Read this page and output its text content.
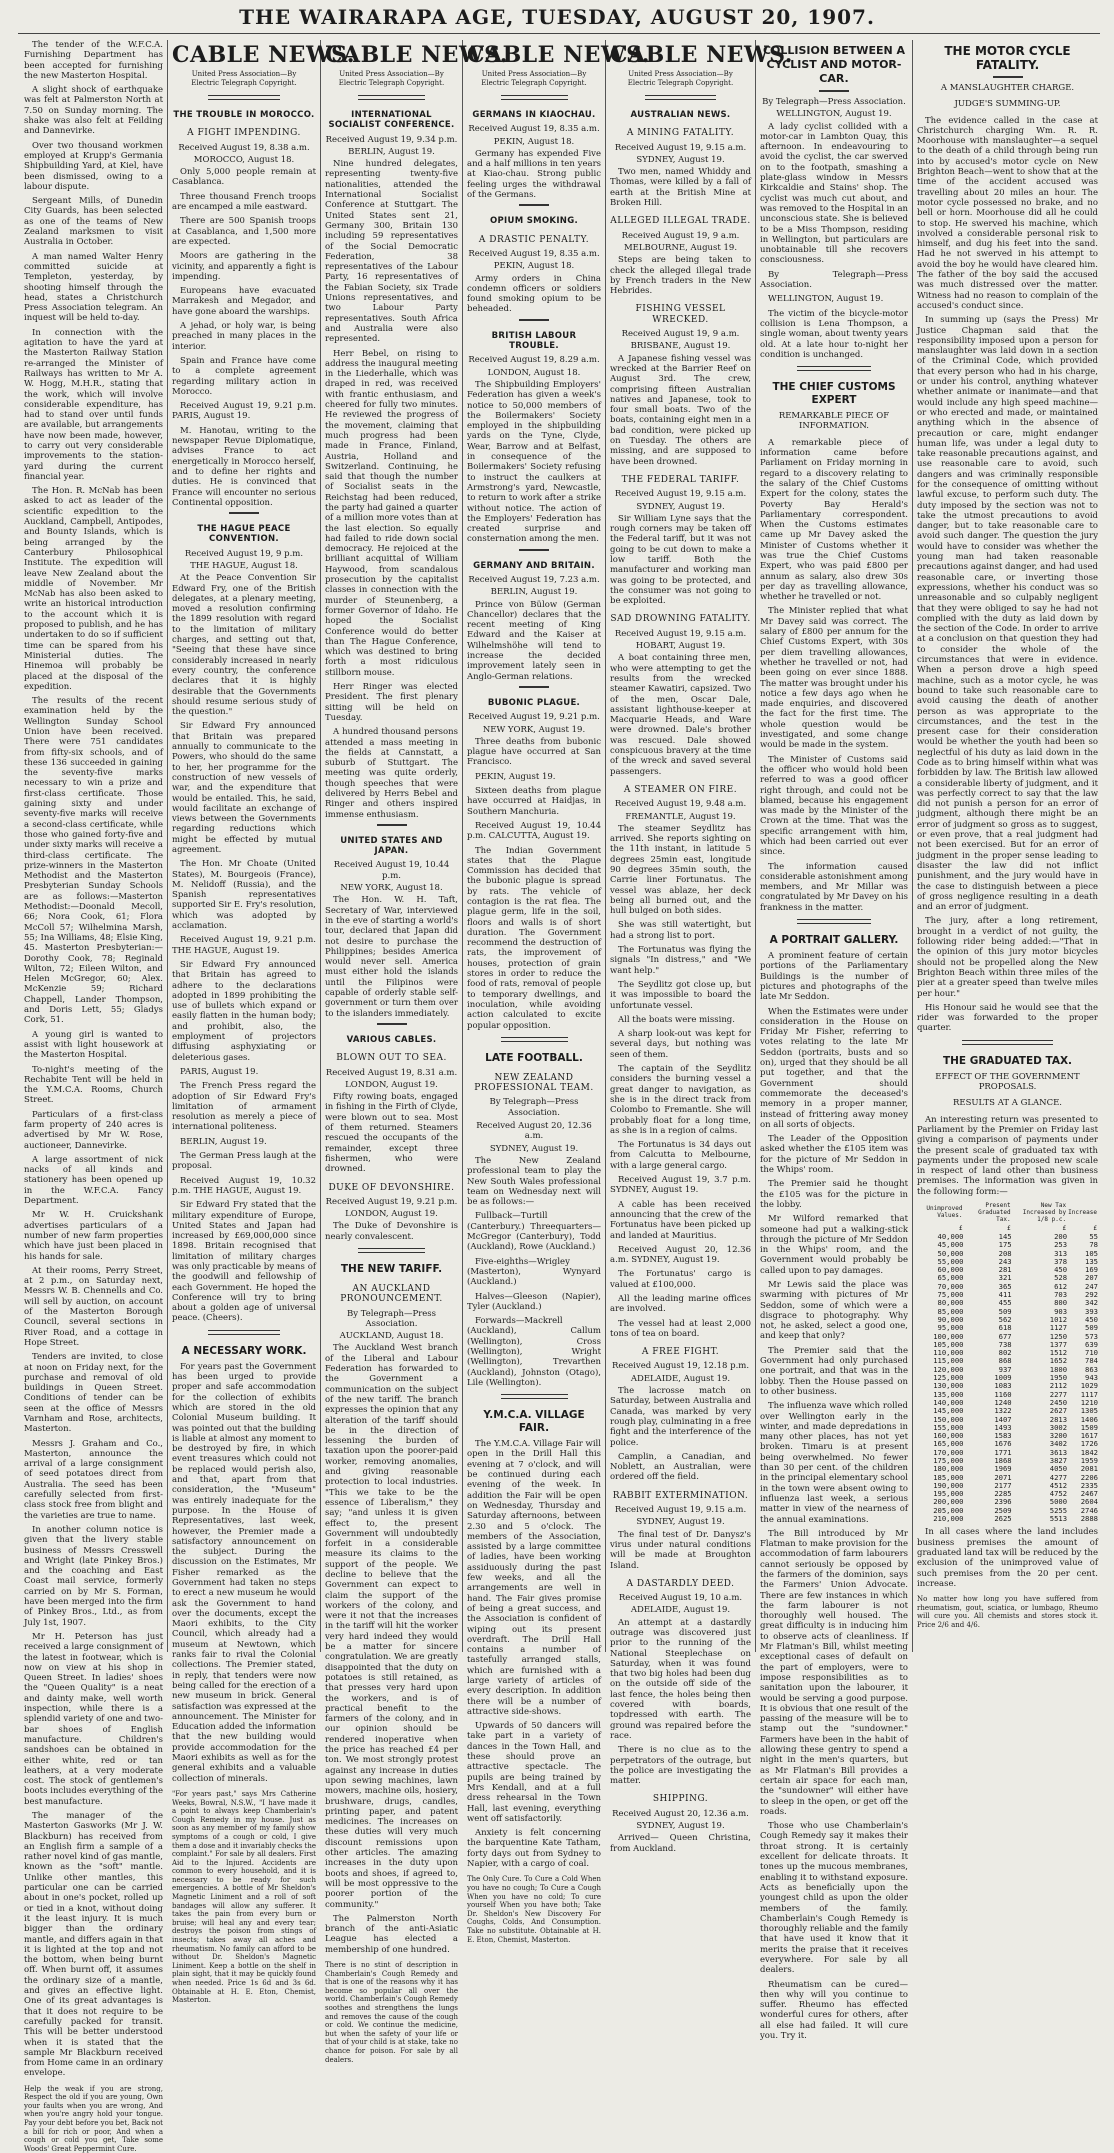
THE WAIRARAPA AGE, TUESDAY, AUGUST 20, 1907.

The tender of the W.F.C.A. Furnishing Department has been accepted for furnishing the new Masterton Hospital.

A slight shock of earthquake was felt at Palmerston North at 7.50 on Sunday morning. The shake was also felt at Feilding and Dannevirke.

Over two thousand workmen employed at Krupp's Germania Shipbuilding Yard, at Kiel, have been dismissed, owing to a labour dispute.

Sergeant Mills, of Dunedin City Guards, has been selected as one of the teams of New Zealand marksmen to visit Australia in October.

A man named Walter Henry committed suicide at Templeton, yesterday, by shooting himself through the head, states a Christchurch Press Association telegram. An inquest will be held to-day.

In connection with the agitation to have the yard at the Masterton Railway Station re-arranged the Minister of Railways has written to Mr A. W. Hogg, M.H.R., stating that the work, which will involve considerable expenditure, has had to stand over until funds are available, but arrangements have now been made, however, to carry out very considerable improvements to the station-yard during the current financial year.

The Hon. R. McNab has been asked to act as leader of the scientific expedition to the Auckland, Campbell, Antipodes, and Bounty Islands, which is being arranged by the Canterbury Philosophical Institute. The expedition will leave New Zealand about the middle of November. Mr McNab has also been asked to write an historical introduction to the account which it is proposed to publish, and he has undertaken to do so if sufficient time can be spared from his Ministerial duties. The Hinemoa will probably be placed at the disposal of the expedition.

The results of the recent examination held by the Wellington Sunday School Union have been received. There were 751 candidates from fifty-six schools, and of these 136 succeeded in gaining the seventy-five marks necessary to win a prize and first-class certificate. Those gaining sixty and under seventy-five marks will receive a second-class certificate, while those who gained forty-five and under sixty marks will receive a third-class certificate. The prize-winners in the Masterton Methodist and the Masterton Presbyterian Sunday Schools are as follows:—Masterton Methodist:—Doonald Mecoll, 66; Nora Cook, 61; Flora McColl 57; Wilhelmina Marsh, 55; Ina Williams, 48; Elsie King, 45. Masterton Presbyterian:—Dorothy Cook, 78; Reginald Wilton, 72; Eileen Wilton, and Helen McGregor, 60; Alex. McKenzie 59; Richard Chappell, Lander Thompson, and Doris Lett, 55; Gladys Cork, 51.

A young girl is wanted to assist with light housework at the Masterton Hospital.

To-night's meeting of the Rechabite Tent will be held in the Y.M.C.A. Rooms, Church Street.

Particulars of a first-class farm property of 240 acres is advertised by Mr W. Rose, auctioneer, Dannevirke.

A large assortment of nick nacks of all kinds and stationery has been opened up in the W.F.C.A. Fancy Department.

Mr W. H. Cruickshank advertises particulars of a number of new farm properties which have just been placed in his hands for sale.

At their rooms, Perry Street, at 2 p.m., on Saturday next, Messrs W. B. Chennells and Co. will sell by auction, on account of the Masterton Borough Council, several sections in River Road, and a cottage in Hope Street.

Tenders are invited, to close at noon on Friday next, for the purchase and removal of old buildings in Queen Street. Conditions of tender can be seen at the office of Messrs Varnham and Rose, architects, Masterton.

Messrs J. Graham and Co., Masterton, announce the arrival of a large consignment of seed potatoes direct from Australia. The seed has been carefully selected from first-class stock free from blight and the varieties are true to name.

In another column notice is given that the livery stable business of Messrs Cresswell and Wright (late Pinkey Bros.) and the coaching and East Coast mail service, formerly carried on by Mr S. Forman, have been merged into the firm of Pinkey Bros., Ltd., as from July 1st, 1907.

Mr H. Peterson has just received a large consignment of the latest in footwear, which is now on view at his shop in Queen Street. In ladies' shoes the "Queen Quality" is a neat and dainty make, well worth inspection, while there is a splendid variety of one and two-bar shoes of English manufacture. Children's sandshoes can be obtained in either white, red or tan leathers, at a very moderate cost. The stock of gentlemen's boots includes everything of the best manufacture.

The manager of the Masterton Gasworks (Mr J. W. Blackburn) has received from an English firm a sample of a rather novel kind of gas mantle, known as the "soft" mantle. Unlike other mantles, this particular one can be carried about in one's pocket, rolled up or tied in a knot, without doing it the least injury. It is much bigger than the ordinary mantle, and differs again in that it is lighted at the top and not the bottom, when being burnt off. When burnt off, it assumes the ordinary size of a mantle, and gives an effective light. One of its great advantages is that it does not require to be carefully packed for transit. This will be better understood when it is stated that the sample Mr Blackburn received from Home came in an ordinary envelope.

Help the weak if you are strong, Respect the old if you are young, Own your faults when you are wrong, And when you're angry hold your tongue. Pay your debt before you bet, Back not a bill for rich or poor, And when a cough or cold you get, Take some Woods' Great Peppermint Cure.
CABLE NEWS.
United Press Association—By Electric Telegraph Copyright.
THE TROUBLE IN MOROCCO.
A FIGHT IMPENDING.
Received August 19, 8.38 a.m.
MOROCCO, August 18.

Only 5,000 people remain at Casablanca.

Three thousand French troops are encamped a mile eastward.

There are 500 Spanish troops at Casablanca, and 1,500 more are expected.

Moors are gathering in the vicinity, and apparently a fight is impending.

Europeans have evacuated Marrakesh and Megador, and have gone aboard the warships.

A jehad, or holy war, is being preached in many places in the interior.

Spain and France have come to a complete agreement regarding military action in Morocco.

Received August 19, 9.21 p.m. PARIS, August 19.

M. Hanotau, writing to the newspaper Revue Diplomatique, advises France to act energetically in Morocco herself, and to define her rights and duties. He is convinced that France will encounter no serious Continental opposition.

THE HAGUE PEACE CONVENTION.
Received August 19, 9 p.m.
THE HAGUE, August 18.

At the Peace Convention Sir Edward Fry, one of the British delegates, at a plenary meeting, moved a resolution confirming the 1899 resolution with regard to the limitation of military charges, and setting out that, "Seeing that these have since considerably increased in nearly every country, the conference declares that it is highly desirable that the Governments should resume serious study of the question."

Sir Edward Fry announced that Britain was prepared annually to communicate to the Powers, who should do the same to her, her programme for the construction of new vessels of war, and the expenditure that would be entailed. This, he said, would facilitate an exchange of views between the Governments regarding reductions which might be effected by mutual agreement.

The Hon. Mr Choate (United States), M. Bourgeois (France), M. Nelidoff (Russia), and the Spanish representatives supported Sir E. Fry's resolution, which was adopted by acclamation.

Received August 19, 9.21 p.m. THE HAGUE, August 19.

Sir Edward Fry announced that Britain has agreed to adhere to the declarations adopted in 1899 prohibiting the use of bullets which expand or easily flatten in the human body; and prohibit, also, the employment of projectors diffusing asphyxiating or deleterious gases.

PARIS, August 19.

The French Press regard the adoption of Sir Edward Fry's limitation of armament resolution as merely a piece of international politeness.

BERLIN, August 19.

The German Press laugh at the proposal.

Received August 19, 10.32 p.m. THE HAGUE, August 19.

Sir Edward Fry stated that the military expenditure of Europe, United States and Japan had increased by £69,000,000 since 1898. Britain recognised that limitation of military charges was only practicable by means of the goodwill and fellowship of each Government. He hoped the Conference will try to bring about a golden age of universal peace. (Cheers).

A NECESSARY WORK.

For years past the Government has been urged to provide proper and safe accommodation for the collection of exhibits which are stored in the old Colonial Museum building. It was pointed out that the building is liable at almost any moment to be destroyed by fire, in which event treasures which could not be replaced would perish also, and that, apart from that consideration, the "Museum" was entirely inadequate for the purpose. In the House of Representatives, last week, however, the Premier made a satisfactory announcement on the subject. During the discussion on the Estimates, Mr Fisher remarked as the Government had taken no steps to erect a new museum he would ask the Government to hand over the documents, except the Maori exhibits, to the City Council, which already had a museum at Newtown, which ranks fair to rival the Colonial collections. The Premier stated, in reply, that tenders were now being called for the erection of a new museum in brick. General satisfaction was expressed at the announcement. The Minister for Education added the information that the new building would provide accommodation for the Maori exhibits as well as for the general exhibits and a valuable collection of minerals.

"For years past," says Mrs Catherine Weeks, Bowral, N.S.W., "I have made it a point to always keep Chamberlain's Cough Remedy in my house. Just as soon as any member of my family show symptoms of a cough or cold, I give them a dose and it invariably checks the complaint." For sale by all dealers. First Aid to the Injured. Accidents are common to every household, and it is necessary to be ready for such emergencies. A bottle of Mr Sheldon's Magnetic Liniment and a roll of soft bandages will allow any sufferer. It takes the pain from every burn or bruise; will heal any and every tear; destroys the poison from stings of insects; takes away all aches and rheumatism. No family can afford to be without Dr. Sheldon's Magnetic Liniment. Keep a bottle on the shelf in plain sight, that it may be quickly found when needed. Price 1s 6d and 3s 6d. Obtainable at H. E. Eton, Chemist, Masterton.
CABLE NEWS.
United Press Association—By Electric Telegraph Copyright.
INTERNATIONAL SOCIALIST CONFERENCE.
Received August 19, 9.34 p.m.
BERLIN, August 19.

Nine hundred delegates, representing twenty-five nationalities, attended the International Socialist Conference at Stuttgart. The United States sent 21, Germany 300, Britain 130 including 59 representatives of the Social Democratic Federation, 38 representatives of the Labour Party, 16 representatives of the Fabian Society, six Trade Unions representatives, and two Labour Party representatives. South Africa and Australia were also represented.

Herr Bebel, on rising to address the inaugural meeting in the Liederhalle, which was draped in red, was received with frantic enthusiasm, and cheered for fully two minutes. He reviewed the progress of the movement, claiming that much progress had been made in France, Finland, Austria, Holland and Switzerland. Continuing, he said that though the number of Socialist seats in the Reichstag had been reduced, the party had gained a quarter of a million more votes than at the last election. So equally had failed to ride down social democracy. He rejoiced at the brilliant acquittal of William Haywood, from scandalous prosecution by the capitalist classes in connection with the murder of Steunenberg, a former Governor of Idaho. He hoped the Socialist Conference would do better than The Hague Conference, which was destined to bring forth a most ridiculous stillborn mouse.

Herr Ringer was elected President. The first plenary sitting will be held on Tuesday.

A hundred thousand persons attended a mass meeting in the fields at Cannstatt, a suburb of Stuttgart. The meeting was quite orderly, though speeches that were delivered by Herrs Bebel and Ringer and others inspired immense enthusiasm.

UNITED STATES AND JAPAN.
Received August 19, 10.44 p.m.
NEW YORK, August 18.

The Hon. W. H. Taft, Secretary of War, interviewed in the eve of starting a world's tour, declared that Japan did not desire to purchase the Philippines; besides America would never sell. America must either hold the islands until the Filipinos were capable of orderly stable self-government or turn them over to the islanders immediately.

VARIOUS CABLES.
BLOWN OUT TO SEA.
Received August 19, 8.31 a.m.
LONDON, August 19.

Fifty rowing boats, engaged in fishing in the Firth of Clyde, were blown out to sea. Most of them returned. Steamers rescued the occupants of the remainder, except three fishermen, who were drowned.

DUKE OF DEVONSHIRE.
Received August 19, 9.21 p.m.
LONDON, August 19.

The Duke of Devonshire is nearly convalescent.

THE NEW TARIFF.
AN AUCKLAND PRONOUNCEMENT.
By Telegraph—Press Association.
AUCKLAND, August 18.

The Auckland West branch of the Liberal and Labour Federation has forwarded to the Government a communication on the subject of the new tariff. The branch expresses the opinion that any alteration of the tariff should be in the direction of lessening the burden of taxation upon the poorer-paid worker, removing anomalies, and giving reasonable protection to local industries. "This we take to be the essence of Liberalism," they say; "and unless it is given effect to, the present Government will undoubtedly forfeit in a considerable measure its claims to the support of the people. We decline to believe that the Government can expect to claim the support of the workers of the colony, and were it not that the increases in the tariff will hit the worker very hard indeed they would be a matter for sincere congratulation. We are greatly disappointed that the duty on potatoes is still retained, as that presses very hard upon the workers, and is of practical benefit to the farmers of the colony, and in our opinion should be rendered inoperative when the price has reached £4 per ton. We most strongly protest against any increase in duties upon sewing machines, lawn mowers, machine oils, hosiery, brushware, drugs, candles, printing paper, and patent medicines. The increases on these duties will very much discount remissions upon other articles. The amazing increases in the duty upon boots and shoes, if agreed to, will be most oppressive to the poorer portion of the community."

The Palmerston North branch of the anti-Asiatic League has elected a membership of one hundred.

There is no stint of description in Chamberlain's Cough Remedy and that is one of the reasons why it has become so popular all over the world. Chamberlain's Cough Remedy soothes and strengthens the lungs and removes the cause of the cough or cold. We continue the medicine, but when the safety of your life or that of your child is at stake, take no chance for poison. For sale by all dealers.
CABLE NEWS.
United Press Association—By Electric Telegraph Copyright.
GERMANS IN KIAOCHAU.
Received August 19, 8.35 a.m.
PEKIN, August 18.

Germany has expended Five and a half millions in ten years at Kiao-chau. Strong public feeling urges the withdrawal of the Germans.

OPIUM SMOKING.
A DRASTIC PENALTY.
Received August 19, 8.35 a.m.
PEKIN, August 18.

Army orders in China condemn officers or soldiers found smoking opium to be beheaded.

BRITISH LABOUR TROUBLE.
Received August 19, 8.29 a.m.
LONDON, August 18.

The Shipbuilding Employers' Federation has given a week's notice to 50,000 members of the Boilermakers' Society employed in the shipbuilding yards on the Tyne, Clyde, Wear, Barrow and at Belfast, in consequence of the Boilermakers' Society refusing to instruct the caulkers at Armstrong's yard, Newcastle, to return to work after a strike without notice. The action of the Employers' Federation has created surprise and consternation among the men.

GERMANY AND BRITAIN.
Received August 19, 7.23 a.m.
BERLIN, August 19.

Prince von Bülow (German Chancellor) declares that the recent meeting of King Edward and the Kaiser at Wilhelmshöhe will tend to increase the decided improvement lately seen in Anglo-German relations.

BUBONIC PLAGUE.
Received August 19, 9.21 p.m.
NEW YORK, August 19.

Three deaths from bubonic plague have occurred at San Francisco.

PEKIN, August 19.

Sixteen deaths from plague have occurred at Haidjas, in Southern Manchuria.

Received August 19, 10.44 p.m. CALCUTTA, August 19.

The Indian Government states that the Plague Commission has decided that the bubonic plague is spread by rats. The vehicle of contagion is the rat flea. The plague germ, life in the soil, floors and walls is of short duration. The Government recommend the destruction of rats, the improvement of houses, protection of grain stores in order to reduce the food of rats, removal of people to temporary dwellings, and inoculation, while avoiding action calculated to excite popular opposition.

LATE FOOTBALL.
NEW ZEALAND PROFESSIONAL TEAM.
By Telegraph—Press Association.
Received August 20, 12.36 a.m.
SYDNEY, August 19.

The New Zealand professional team to play the New South Wales professional team on Wednesday next will be as follows:—

Fullback—Turtill (Canterbury.) Threequarters—McGregor (Canterbury), Todd (Auckland), Rowe (Auckland.)

Five-eighths—Wrigley (Masterton), Wynyard (Auckland.)

Halves—Gleeson (Napier), Tyler (Auckland.)

Forwards—Mackrell (Auckland), Callum (Wellington), Cross (Wellington), Wright (Wellington), Trevarthen (Auckland), Johnston (Otago), Lile (Wellington).

Y.M.C.A. VILLAGE FAIR.

The Y.M.C.A. Village Fair will open in the Drill Hall this evening at 7 o'clock, and will be continued during each evening of the week. In addition the Fair will be open on Wednesday, Thursday and Saturday afternoons, between 2.30 and 5 o'clock. The members of the Association, assisted by a large committee of ladies, have been working assiduously during the past few weeks, and all the arrangements are well in hand. The Fair gives promise of being a great success, and the Association is confident of wiping out its present overdraft. The Drill Hall contains a number of tastefully arranged stalls, which are furnished with a large variety of articles of every description. In addition there will be a number of attractive side-shows.

Upwards of 50 dancers will take part in a variety of dances in the Town Hall, and these should prove an attractive spectacle. The pupils are being trained by Mrs Kendall, and at a full dress rehearsal in the Town Hall, last evening, everything went off satisfactorily.

Anxiety is felt concerning the barquentine Kate Tatham, forty days out from Sydney to Napier, with a cargo of coal.

The Only Cure. To Cure a Cold When you have no cough; To Cure a Cough When you have no cold; To cure yourself When you have both; Take Dr. Sheldon's New Discovery For Coughs, Colds, And Consumption. Take no substitute. Obtainable at H. E. Eton, Chemist, Masterton.
CABLE NEWS.
United Press Association—By Electric Telegraph Copyright.
AUSTRALIAN NEWS.
A MINING FATALITY.
Received August 19, 9.15 a.m.
SYDNEY, August 19.

Two men, named Whiddy and Thomas, were killed by a fall of earth at the British Mine at Broken Hill.

ALLEGED ILLEGAL TRADE.
Received August 19, 9 a.m.
MELBOURNE, August 19.

Steps are being taken to check the alleged illegal trade by French traders in the New Hebrides.

FISHING VESSEL WRECKED.
Received August 19, 9 a.m.
BRISBANE, August 19.

A Japanese fishing vessel was wrecked at the Barrier Reef on August 3rd. The crew, comprising fifteen Australian natives and Japanese, took to four small boats. Two of the boats, containing eight men in a bad condition, were picked up on Tuesday. The others are missing, and are supposed to have been drowned.

THE FEDERAL TARIFF.
Received August 19, 9.15 a.m.
SYDNEY, August 19.

Sir William Lyne says that the rough corners may be taken off the Federal tariff, but it was not going to be cut down to make a low tariff. Both the manufacturer and working man was going to be protected, and the consumer was not going to be exploited.

SAD DROWNING FATALITY.
Received August 19, 9.15 a.m.
HOBART, August 19.

A boat containing three men, who were attempting to get the results from the wrecked steamer Kawatiri, capsized. Two of the men, Oscar Dale, assistant lighthouse-keeper at Macquarie Heads, and Ware were drowned. Dale's brother was rescued. Dale showed conspicuous bravery at the time of the wreck and saved several passengers.

A STEAMER ON FIRE.
Received August 19, 9.48 a.m.
FREMANTLE, August 19.

The steamer Seydlitz has arrived. She reports sighting on the 11th instant, in latitude 5 degrees 25min east, longitude 90 degrees 35min south, the Carrie liner Fortunatus. The vessel was ablaze, her deck being all burned out, and the hull bulged on both sides.

She was still watertight, but had a strong list to port.

The Fortunatus was flying the signals "In distress," and "We want help."

The Seydlitz got close up, but it was impossible to board the unfortunate vessel.

All the boats were missing.

A sharp look-out was kept for several days, but nothing was seen of them.

The captain of the Seydlitz considers the burning vessel a great danger to navigation, as she is in the direct track from Colombo to Fremantle. She will probably float for a long time, as she is in a region of calms.

The Fortunatus is 34 days out from Calcutta to Melbourne, with a large general cargo.

Received August 19, 3.7 p.m. SYDNEY, August 19.

A cable has been received announcing that the crew of the Fortunatus have been picked up and landed at Mauritius.

Received August 20, 12.36 a.m. SYDNEY, August 19.

The Fortunatus' cargo is valued at £100,000.

All the leading marine offices are involved.

The vessel had at least 2,000 tons of tea on board.

A FREE FIGHT.
Received August 19, 12.18 p.m.
ADELAIDE, August 19.

The lacrosse match on Saturday, between Australia and Canada, was marked by very rough play, culminating in a free fight and the interference of the police.

Camplin, a Canadian, and Noblett, an Australian, were ordered off the field.

RABBIT EXTERMINATION.
Received August 19, 9.15 a.m.
SYDNEY, August 19.

The final test of Dr. Danysz's virus under natural conditions will be made at Broughton Island.

A DASTARDLY DEED.
Received August 19, 10 a.m.
ADELAIDE, August 19.

An attempt at a dastardly outrage was discovered just prior to the running of the National Steeplechase on Saturday, when it was found that two big holes had been dug on the outside off side of the last fence, the holes being then covered with boards, topdressed with earth. The ground was repaired before the race.

There is no clue as to the perpetrators of the outrage, but the police are investigating the matter.

SHIPPING.
Received August 20, 12.36 a.m.
SYDNEY, August 19.

Arrived— Queen Christina, from Auckland.

COLLISION BETWEEN A CYCLIST AND MOTOR-CAR.
By Telegraph—Press Association.
WELLINGTON, August 19.

A lady cyclist collided with a motor-car in Lambton Quay, this afternoon. In endeavouring to avoid the cyclist, the car swerved on to the footpath, smashing a plate-glass window in Messrs Kirkcaldie and Stains' shop. The cyclist was much cut about, and was removed to the Hospital in an unconscious state. She is believed to be a Miss Thompson, residing in Wellington, but particulars are unobtainable till she recovers consciousness.

By Telegraph—Press Association.

WELLINGTON, August 19.

The victim of the bicycle-motor collision is Lena Thompson, a single woman, about twenty years old. At a late hour to-night her condition is unchanged.

THE CHIEF CUSTOMS EXPERT
REMARKABLE PIECE OF INFORMATION.

A remarkable piece of information came before Parliament on Friday morning in regard to a discovery relating to the salary of the Chief Customs Expert for the colony, states the Poverty Bay Herald's Parliamentary correspondent. When the Customs estimates came up Mr Davey asked the Minister of Customs whether it was true the Chief Customs Expert, who was paid £800 per annum as salary, also drew 30s per day as travelling allowance, whether he travelled or not.

The Minister replied that what Mr Davey said was correct. The salary of £800 per annum for the Chief Customs Expert, with 30s per diem travelling allowances, whether he travelled or not, had been going on ever since 1888. The matter was brought under his notice a few days ago when he made enquiries, and discovered the fact for the first time. The whole question would be investigated, and some change would be made in the system.

The Minister of Customs said the officer who would hold been referred to was a good officer right through, and could not be blamed, because his engagement was made by the Minister of the Crown at the time. That was the specific arrangement with him, which had been carried out ever since.

The information caused considerable astonishment among members, and Mr Millar was congratulated by Mr Davey on his frankness in the matter.

A PORTRAIT GALLERY.

A prominent feature of certain portions of the Parliamentary Buildings is the number of pictures and photographs of the late Mr Seddon.

When the Estimates were under consideration in the House on Friday Mr Fisher, referring to votes relating to the late Mr Seddon (portraits, busts and so on), urged that they should be all put together, and that the Government should commemorate the deceased's memory in a proper manner, instead of frittering away money on all sorts of objects.

The Leader of the Opposition asked whether the £105 item was for the picture of Mr Seddon in the Whips' room.

The Premier said he thought the £105 was for the picture in the lobby.

Mr Wilford remarked that someone had put a walking-stick through the picture of Mr Seddon in the Whips' room, and the Government would probably be called upon to pay damages.

Mr Lewis said the place was swarming with pictures of Mr Seddon, some of which were a disgrace to photography. Why not, he asked, select a good one, and keep that only?

The Premier said that the Government had only purchased one portrait, and that was in the lobby. Then the House passed on to other business.

The influenza wave which rolled over Wellington early in the winter, and made depredations in many other places, has not yet broken. Timaru is at present being overwhelmed. No fewer than 30 per cent. of the children in the principal elementary school in the town were absent owing to influenza last week, a serious matter in view of the nearness of the annual examinations.

The Bill introduced by Mr Flatman to make provision for the accommodation of farm labourers cannot seriously be opposed by the farmers of the dominion, says the Farmers' Union Advocate. There are few instances in which the farm labourer is not thoroughly well housed. The great difficulty is in inducing him to observe acts of cleanliness. If Mr Flatman's Bill, whilst meeting exceptional cases of default on the part of employers, were to impose responsibilities as to sanitation upon the labourer, it would be serving a good purpose. It is obvious that one result of the passing of the measure will be to stamp out the "sundowner." Farmers have been in the habit of allowing these gentry to spend a night in the men's quarters, but as Mr Flatman's Bill provides a certain air space for each man, the "sundowner" will either have to sleep in the open, or get off the roads.

Those who use Chamberlain's Cough Remedy say it makes their throat strong. It is certainly excellent for delicate throats. It tones up the mucous membranes, enabling it to withstand exposure. Acts as beneficially upon the youngest child as upon the older members of the family. Chamberlain's Cough Remedy is thoroughly reliable and the family that have used it know that it merits the praise that it receives everywhere. For sale by all dealers.

Rheumatism can be cured—then why will you continue to suffer. Rheumo has effected wonderful cures for others, after all else had failed. It will cure you. Try it.

THE MOTOR CYCLE FATALITY.
A MANSLAUGHTER CHARGE.
JUDGE'S SUMMING-UP.

The evidence called in the case at Christchurch charging Wm. R. R. Moorhouse with manslaughter—a sequel to the death of a child through being run into by accused's motor cycle on New Brighton Beach—went to show that at the time of the accident accused was travelling about 20 miles an hour. The motor cycle possessed no brake, and no bell or horn. Moorhouse did all he could to stop. He swerved his machine, which involved a considerable personal risk to himself, and dug his feet into the sand. Had he not swerved in his attempt to avoid the boy he would have cleared him. The father of the boy said the accused was much distressed over the matter. Witness had no reason to complain of the accused's conduct since.

In summing up (says the Press) Mr Justice Chapman said that the responsibility imposed upon a person for manslaughter was laid down in a section of the Criminal Code, which provided that every person who had in his charge, or under his control, anything whatever whether animate or inanimate—and that would include any high speed machine—or who erected and made, or maintained anything which in the absence of precaution or care, might endanger human life, was under a legal duty to take reasonable precautions against, and use reasonable care to avoid, such dangers and was criminally responsible for the consequence of omitting without lawful excuse, to perform such duty. The duty imposed by the section was not to take the utmost precautions to avoid danger, but to take reasonable care to avoid such danger. The question the jury would have to consider was whether the young man had taken reasonable precautions against danger, and had used reasonable care, or inverting those expressions, whether his conduct was so unreasonable and so culpably negligent that they were obliged to say he had not complied with the duty as laid down by the section of the Code. In order to arrive at a conclusion on that question they had to consider the whole of the circumstances that were in evidence. When a person drove a high speed machine, such as a motor cycle, he was bound to take such reasonable care to avoid causing the death of another person as was appropriate to the circumstances, and the test in the present case for their consideration would be whether the youth had been so neglectful of his duty as laid down in the Code as to bring himself within what was forbidden by law. The British law allowed a considerable liberty of judgment, and it was perfectly correct to say that the law did not punish a person for an error of judgment, although there might be an error of judgment so gross as to suggest, or even prove, that a real judgment had not been exercised. But for an error of judgment in the proper sense leading to disaster the law did not inflict punishment, and the jury would have in the case to distinguish between a piece of gross negligence resulting in a death and an error of judgment.

The jury, after a long retirement, brought in a verdict of not guilty, the following rider being added:—"That in the opinion of this jury motor bicycles should not be propelled along the New Brighton Beach within three miles of the pier at a greater speed than twelve miles per hour."

His Honour said he would see that the rider was forwarded to the proper quarter.

THE GRADUATED TAX.
EFFECT OF THE GOVERNMENT PROPOSALS.
RESULTS AT A GLANCE.

An interesting return was presented to Parliament by the Premier on Friday last giving a comparison of payments under the present scale of graduated tax with payments under the proposed new scale in respect of land other than business premises. The information was given in the following form:—

Unimproved Values.	Present Graduated Tax.	New Tax Increased by 1/8 p.c.	Increase
£	£	£	£
40,000	145	200	55
45,000	175	253	78
50,000	208	313	105
55,000	243	378	135
60,000	281	450	169
65,000	321	528	207
70,000	365	612	247
75,000	411	703	292
80,000	455	800	342
85,000	509	903	393
90,000	562	1012	450
95,000	618	1127	509
100,000	677	1250	573
105,000	738	1377	639
110,000	802	1512	710
115,000	868	1652	784
120,000	937	1800	863
125,000	1009	1950	943
130,000	1083	2112	1029
135,000	1160	2277	1117
140,000	1240	2450	1210
145,000	1322	2627	1305
150,000	1407	2813	1406
155,000	1493	3002	1509
160,000	1583	3200	1617
165,000	1676	3402	1726
170,000	1771	3613	1842
175,000	1868	3827	1959
180,000	1969	4050	2081
185,000	2071	4277	2206
190,000	2177	4512	2335
195,000	2285	4752	2467
200,000	2396	5000	2604
205,000	2509	5255	2746
210,000	2625	5513	2888

In all cases where the land includes business premises the amount of graduated land tax will be reduced by the exclusion of the unimproved value of such premises from the 20 per cent. increase.

No matter how long you have suffered from rheumatism, gout, sciatica, or lumbago, Rheumo will cure you. All chemists and stores stock it. Price 2/6 and 4/6.
